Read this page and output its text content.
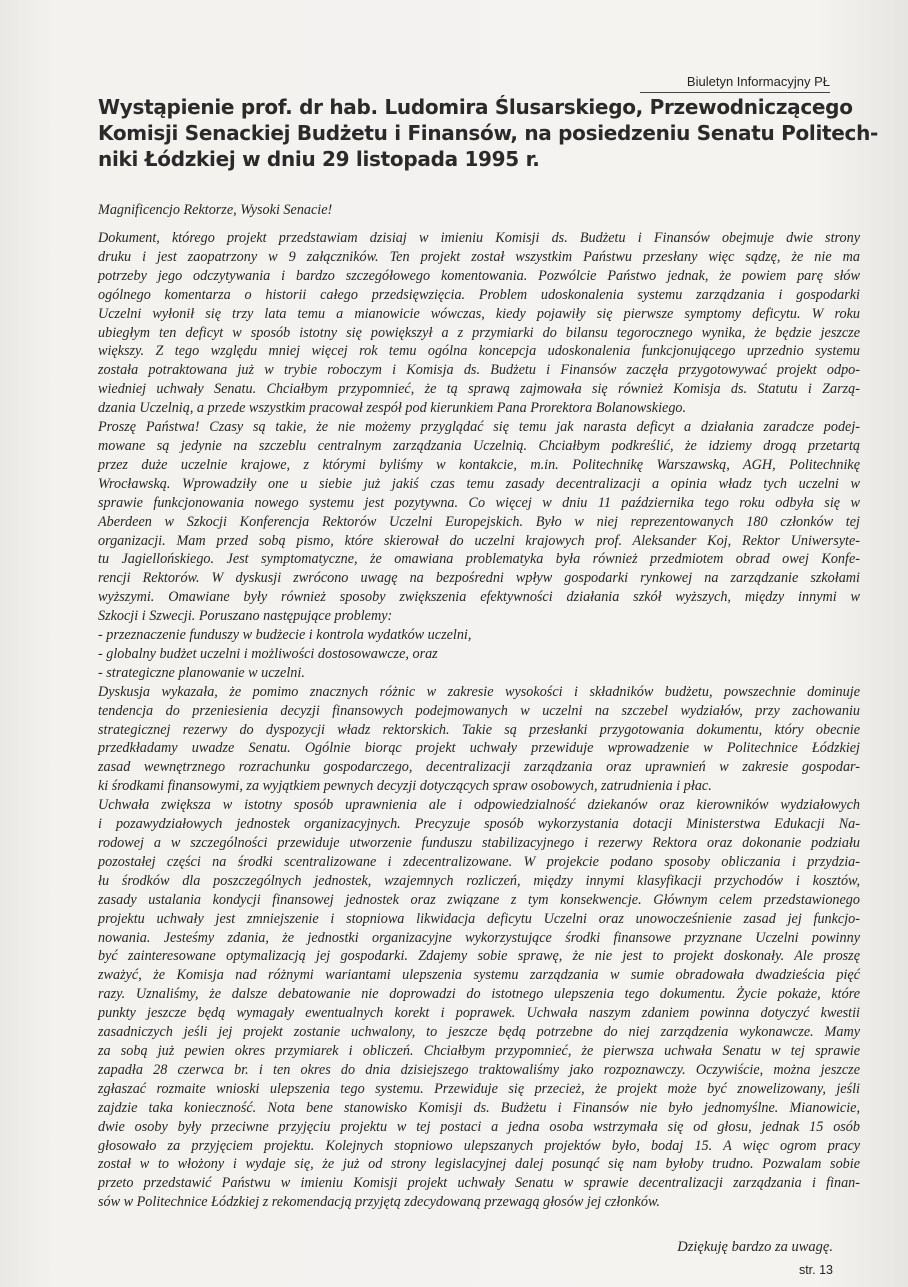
Biuletyn Informacyjny PŁ
Wystąpienie prof. dr hab. Ludomira Ślusarskiego, Przewodniczącego
Komisji Senackiej Budżetu i Finansów, na posiedzeniu Senatu Politech-
niki Łódzkiej w dniu 29 listopada 1995 r.
Magnificencjo Rektorze, Wysoki Senacie!
Dokument, którego projekt przedstawiam dzisiaj w imieniu Komisji ds. Budżetu i Finansów obejmuje dwie strony
druku i jest zaopatrzony w 9 załączników. Ten projekt został wszystkim Państwu przesłany więc sądzę, że nie ma
potrzeby jego odczytywania i bardzo szczegółowego komentowania. Pozwólcie Państwo jednak, że powiem parę słów
ogólnego komentarza o historii całego przedsięwzięcia. Problem udoskonalenia systemu zarządzania i gospodarki
Uczelni wyłonił się trzy lata temu a mianowicie wówczas, kiedy pojawiły się pierwsze symptomy deficytu. W roku
ubiegłym ten deficyt w sposób istotny się powiększył a z przymiarki do bilansu tegorocznego wynika, że będzie jeszcze
większy. Z tego względu mniej więcej rok temu ogólna koncepcja udoskonalenia funkcjonującego uprzednio systemu
została potraktowana już w trybie roboczym i Komisja ds. Budżetu i Finansów zaczęła przygotowywać projekt odpo-
wiedniej uchwały Senatu. Chciałbym przypomnieć, że tą sprawą zajmowała się również Komisja ds. Statutu i Zarzą-
dzania Uczelnią, a przede wszystkim pracował zespół pod kierunkiem Pana Prorektora Bolanowskiego.
Proszę Państwa! Czasy są takie, że nie możemy przyglądać się temu jak narasta deficyt a działania zaradcze podej-
mowane są jedynie na szczeblu centralnym zarządzania Uczelnią. Chciałbym podkreślić, że idziemy drogą przetartą
przez duże uczelnie krajowe, z którymi byliśmy w kontakcie, m.in. Politechnikę Warszawską, AGH, Politechnikę
Wrocławską. Wprowadziły one u siebie już jakiś czas temu zasady decentralizacji a opinia władz tych uczelni w
sprawie funkcjonowania nowego systemu jest pozytywna. Co więcej w dniu 11 października tego roku odbyła się w
Aberdeen w Szkocji Konferencja Rektorów Uczelni Europejskich. Było w niej reprezentowanych 180 członków tej
organizacji. Mam przed sobą pismo, które skierował do uczelni krajowych prof. Aleksander Koj, Rektor Uniwersyte-
tu Jagiellońskiego. Jest symptomatyczne, że omawiana problematyka była również przedmiotem obrad owej Konfe-
rencji Rektorów. W dyskusji zwrócono uwagę na bezpośredni wpływ gospodarki rynkowej na zarządzanie szkołami
wyższymi. Omawiane były również sposoby zwiększenia efektywności działania szkół wyższych, między innymi w
Szkocji i Szwecji. Poruszano następujące problemy:
- przeznaczenie funduszy w budżecie i kontrola wydatków uczelni,
- globalny budżet uczelni i możliwości dostosowawcze, oraz
- strategiczne planowanie w uczelni.
Dyskusja wykazała, że pomimo znacznych różnic w zakresie wysokości i składników budżetu, powszechnie dominuje
tendencja do przeniesienia decyzji finansowych podejmowanych w uczelni na szczebel wydziałów, przy zachowaniu
strategicznej rezerwy do dyspozycji władz rektorskich. Takie są przesłanki przygotowania dokumentu, który obecnie
przedkładamy uwadze Senatu. Ogólnie biorąc projekt uchwały przewiduje wprowadzenie w Politechnice Łódzkiej
zasad wewnętrznego rozrachunku gospodarczego, decentralizacji zarządzania oraz uprawnień w zakresie gospodar-
ki środkami finansowymi, za wyjątkiem pewnych decyzji dotyczących spraw osobowych, zatrudnienia i płac.
Uchwała zwiększa w istotny sposób uprawnienia ale i odpowiedzialność dziekanów oraz kierowników wydziałowych
i pozawydziałowych jednostek organizacyjnych. Precyzuje sposób wykorzystania dotacji Ministerstwa Edukacji Na-
rodowej a w szczególności przewiduje utworzenie funduszu stabilizacyjnego i rezerwy Rektora oraz dokonanie podziału
pozostałej części na środki scentralizowane i zdecentralizowane. W projekcie podano sposoby obliczania i przydzia-
łu środków dla poszczególnych jednostek, wzajemnych rozliczeń, między innymi klasyfikacji przychodów i kosztów,
zasady ustalania kondycji finansowej jednostek oraz związane z tym konsekwencje. Głównym celem przedstawionego
projektu uchwały jest zmniejszenie i stopniowa likwidacja deficytu Uczelni oraz unowocześnienie zasad jej funkcjo-
nowania. Jesteśmy zdania, że jednostki organizacyjne wykorzystujące środki finansowe przyznane Uczelni powinny
być zainteresowane optymalizacją jej gospodarki. Zdajemy sobie sprawę, że nie jest to projekt doskonały. Ale proszę
zważyć, że Komisja nad różnymi wariantami ulepszenia systemu zarządzania w sumie obradowała dwadzieścia pięć
razy. Uznaliśmy, że dalsze debatowanie nie doprowadzi do istotnego ulepszenia tego dokumentu. Życie pokaże, które
punkty jeszcze będą wymagały ewentualnych korekt i poprawek. Uchwała naszym zdaniem powinna dotyczyć kwestii
zasadniczych jeśli jej projekt zostanie uchwalony, to jeszcze będą potrzebne do niej zarządzenia wykonawcze. Mamy
za sobą już pewien okres przymiarek i obliczeń. Chciałbym przypomnieć, że pierwsza uchwała Senatu w tej sprawie
zapadła 28 czerwca br. i ten okres do dnia dzisiejszego traktowaliśmy jako rozpoznawczy. Oczywiście, można jeszcze
zgłaszać rozmaite wnioski ulepszenia tego systemu. Przewiduje się przecież, że projekt może być znowelizowany, jeśli
zajdzie taka konieczność. Nota bene stanowisko Komisji ds. Budżetu i Finansów nie było jednomyślne. Mianowicie,
dwie osoby były przeciwne przyjęciu projektu w tej postaci a jedna osoba wstrzymała się od głosu, jednak 15 osób
głosowało za przyjęciem projektu. Kolejnych stopniowo ulepszanych projektów było, bodaj 15. A więc ogrom pracy
został w to włożony i wydaje się, że już od strony legislacyjnej dalej posunąć się nam byłoby trudno. Pozwalam sobie
przeto przedstawić Państwu w imieniu Komisji projekt uchwały Senatu w sprawie decentralizacji zarządzania i finan-
sów w Politechnice Łódzkiej z rekomendacją przyjętą zdecydowaną przewagą głosów jej członków.
Dziękuję bardzo za uwagę.
str. 13
